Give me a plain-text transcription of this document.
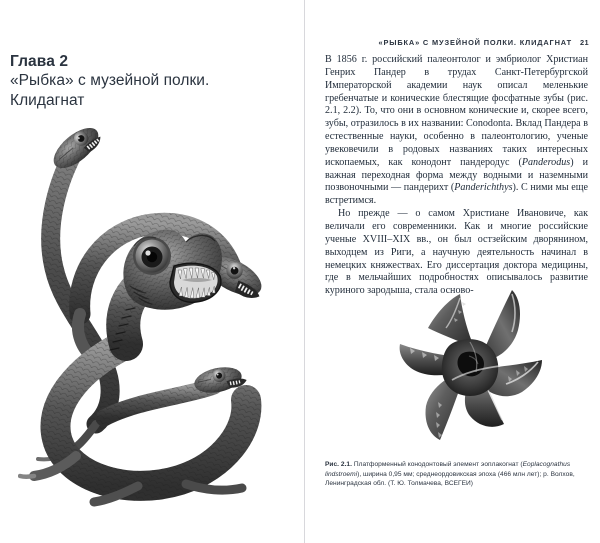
Глава 2
«Рыбка» с музейной полки.
Клидагнат
«РЫБКА» С МУЗЕЙНОЙ ПОЛКИ. КЛИДАГНАТ 21

В 1856 г. российский палеонтолог и эмбриолог Христиан Генрих Пандер в трудах Санкт-Петербургской Императорской академии наук описал меленькие гребенчатые и конические блестящие фосфатные зубы (рис. 2.1, 2.2). То, что они в основном конические и, скорее всего, зубы, отразилось в их названии: Conodonta. Вклад Пандера в естественные науки, особенно в палеонтологию, ученые увековечили в родовых названиях таких интересных ископаемых, как конодонт пандеродус (Panderodus) и важная переходная форма между водными и наземными позвоночными — пандерихт (Panderichthys). С ними мы еще встретимся.

Но прежде — о самом Христиане Ивановиче, как величали его современники. Как и многие российские ученые XVIII–XIX вв., он был остзейским дворянином, выходцем из Риги, а научную деятельность начинал в немецких княжествах. Его диссертация доктора медицины, где в мельчайших подробностях описывалось развитие куриного зародыша, стала осново-

Рис. 2.1. Платформенный конодонтовый элемент эоплакогнат (Eoplacognathus lindstroemi), ширина 0,95 мм; среднеордовикская эпоха (466 млн лет); р. Волхов, Ленинградская обл. (Т. Ю. Толмачева, ВСЕГЕИ)
